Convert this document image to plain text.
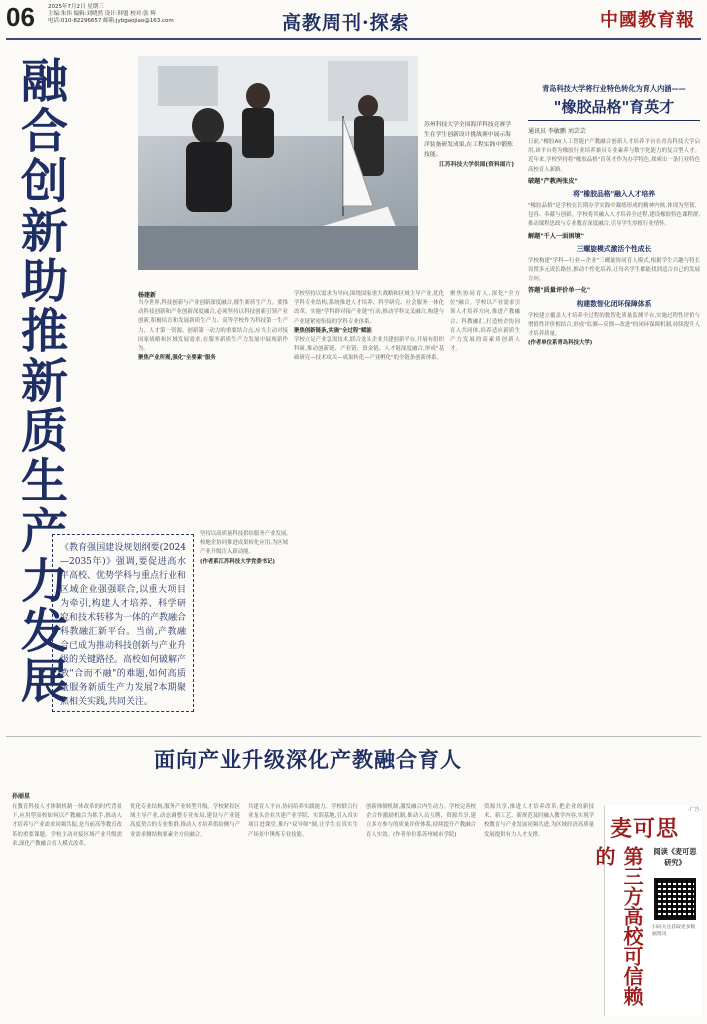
06 2025年7月2日 星期三
主编:朱伟 编辑:刘晓然 设计:韩盟 校对:张 辉
电话:010-82296657 邮箱:jybgaojiao@163.com	高教周刊·探索	中國教育報
融合创新助推新质生产力发展	苏州科技大学全国海洋科技竞赛学生在学生创新设计挑战赛中展示海洋装备研发成果,在工程实践中锻炼技能。
江苏科技大学供图(资料图片)
杨建新

当今世界,科技创新与产业创新深度融合,催生新质生产力。要推动科技创新和产业创新深度融合,必须坚持以科技创新引领产业创新,积极培育和发展新质生产力。高等学校作为科技第一生产力、人才第一资源、创新第一动力的重要结合点,应当主动对接国家战略和区域发展需求,在服务新质生产力发展中展现新作为。

聚焦产业所需,强化"全要素"服务

学校坚持以需求为导向,围绕国家重大战略和区域主导产业,优化学科专业结构,系统推进人才培养、科学研究、社会服务一体化改革。实施"学科群对接产业链"行动,推动学科交叉融合,构建与产业链紧密衔接的学科专业体系。

聚焦创新链条,实施"全过程"赋能

学校立足产业急需技术,联合龙头企业共建创新平台,开展有组织科研,推动创新链、产业链、资金链、人才链深度融合,形成"基础研究—技术攻关—成果转化—产业孵化"的全链条创新体系。

聚焦协同育人,深化"全方位"融合。学校以产业需求引领人才培养方向,推进产教融合、科教融汇,打造校企协同育人共同体,培养适应新质生产力发展的高素质创新人才。

坚持以高质量科技供给服务产业发展,校地企协同推进成果转化应用,为区域产业升级注入新动能。

(作者系江苏科技大学党委书记)

《教育强国建设规划纲要(2024—2035年)》强调,要促进高水平高校、优势学科与重点行业和区域企业强强联合,以重大项目为牵引,构建人才培养、科学研究和技术转移为一体的产教融合科教融汇新平台。当前,产教融合已成为推动科技创新与产业升级的关键路径。高校如何破解产教"合而不融"的难题,如何高质量服务新质生产力发展?本期聚焦相关实践,共同关注。
青岛科技大学将行业特色转化为育人内涵——
"橡胶品格"育英才
通讯员 李敏鹏 刘芸芸

日前,"橡胶AI(人工智能)"产教融合创新人才培养平台在青岛科技大学启用,该平台将为橡胶行业培养兼具专业素养与数字化能力的复合型人才。近年来,学校坚持将"橡胶品格"育英才作为办学特色,探索出一条行业特色高校育人新路。

破题"产教两张皮"

将"橡胶品格"融入人才培养

"橡胶品格"是学校在长期办学实践中凝练形成的精神内核,体现为坚韧、包容、奉献与创新。学校将其融入人才培养全过程,建设橡胶特色课程群,推动课程思政与专业教育深度融合,引导学生厚植行业情怀。

解题"千人一面困境"

三螺旋模式激活个性成长

学校构建"学科—行业—企业"三螺旋协同育人模式,根据学生兴趣与特长设置多元成长路径,推动个性化培养,让每名学生都能找到适合自己的发展方向。

答题"质量评价单一化"

构建数智化闭环保障体系

学校建立覆盖人才培养全过程的数智化质量监测平台,实施过程性评价与增值性评价相结合,形成"监测—反馈—改进"的闭环保障机制,持续提升人才培养质量。

(作者单位系青岛科技大学)

面向产业升级深化产教融合育人
孙丽星
在教育科技人才体制机制一体改革的时代背景下,应用型高校如何以产教融合为抓手,推动人才培养与产业需求同频共振,是当前高等教育改革的重要课题。学校主动对接区域产业升级需求,深化产教融合育人模式改革。
优化专业结构,服务产业转型升级。学校紧扣区域主导产业,动态调整专业布局,建设与产业链高度契合的专业集群,推动人才培养供给侧与产业需求侧结构要素全方位融合。
共建育人平台,协同培养实践能力。学校联合行业龙头企业共建产业学院、实训基地,引入真实项目进课堂,推行"双导师"制,让学生在真实生产场景中锤炼专业技能。
创新体制机制,激发融合内生动力。学校完善校企合作激励机制,推动人员互聘、资源共享,建立多方参与的质量评价体系,持续提升产教融合育人实效。(作者单位系苏州城市学院)
资源共享,推进人才培养改革,把企业的新技术、新工艺、新规范及时融入教学内容,实现学校教育与产业发展同频共进,为区域经济高质量发展提供有力人才支撑。
·广告·
麦可思
第三方高校可信赖的	阅读《麦可思研究》
扫码关注获取更多数据资讯
